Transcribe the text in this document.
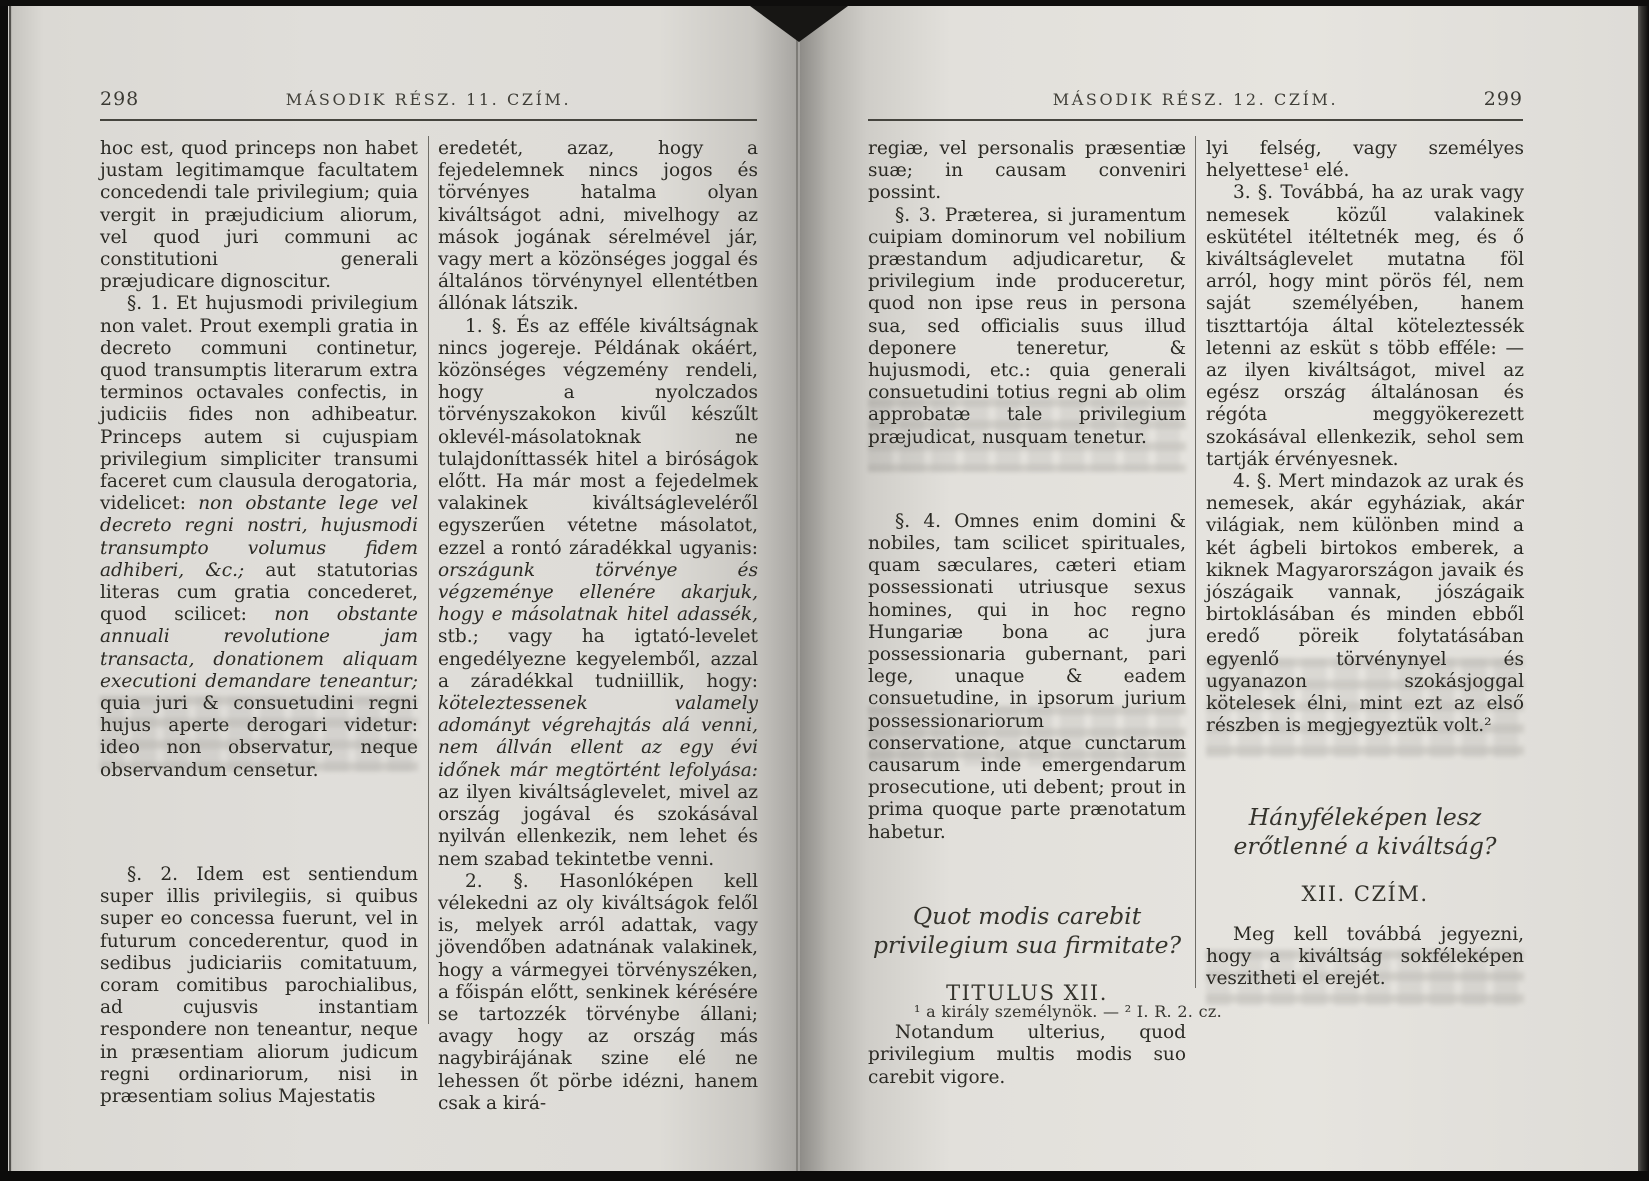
298	MÁSODIK RÉSZ. 11. CZÍM.

hoc est, quod princeps non habet justam legitimamque facultatem concedendi tale privilegium; quia vergit in præjudicium aliorum, vel quod juri communi ac constitutioni generali præjudicare dignoscitur.

§. 1. Et hujusmodi privilegium non valet. Prout exempli gratia in decreto communi continetur, quod transumptis literarum extra terminos octavales confectis, in judiciis fides non adhibeatur. Princeps autem si cujuspiam privilegium simpliciter transumi faceret cum clausula derogatoria, videlicet: non obstante lege vel decreto regni nostri, hujusmodi transumpto volumus fidem adhiberi, &c.; aut statutorias literas cum gratia concederet, quod scilicet: non obstante annuali revolutione jam transacta, donationem aliquam executioni demandare teneantur; quia juri & consuetudini regni hujus aperte derogari videtur: ideo non observatur, neque observandum censetur.

§. 2. Idem est sentiendum super illis privilegiis, si quibus super eo concessa fuerunt, vel in futurum concederentur, quod in sedibus judiciariis comitatuum, coram comitibus parochialibus, ad cujusvis instantiam respondere non teneantur, neque in præsentiam aliorum judicum regni ordinariorum, nisi in præsentiam solius Majestatis

eredetét, azaz, hogy a fejedelemnek nincs jogos és törvényes hatalma olyan kiváltságot adni, mivelhogy az mások jogának sérelmével jár, vagy mert a közönséges joggal és általános törvénynyel ellentétben állónak látszik.

1. §. És az efféle kiváltságnak nincs jogereje. Példának okáért, közönséges végzemény rendeli, hogy a nyolczados törvényszakokon kivűl készűlt oklevél-másolatoknak ne tulajdoníttassék hitel a biróságok előtt. Ha már most a fejedelmek valakinek kiváltságleveléről egyszerűen vétetne másolatot, ezzel a rontó záradékkal ugyanis: országunk törvénye és végzeménye ellenére akarjuk, hogy e másolatnak hitel adassék, stb.; vagy ha igtató-levelet engedélyezne kegyelemből, azzal a záradékkal tudniillik, hogy: köteleztessenek valamely adományt végrehajtás alá venni, nem állván ellent az egy évi időnek már megtörtént lefolyása: az ilyen kiváltságlevelet, mivel az ország jogával és szokásával nyilván ellenkezik, nem lehet és nem szabad tekintetbe venni.

2. §. Hasonlóképen kell vélekedni az oly kiváltságok felől is, melyek arról adattak, vagy jövendőben adatnának valakinek, hogy a vármegyei törvényszéken, a főispán előtt, senkinek kérésére se tartozzék törvénybe állani; avagy hogy az ország más nagybirájának szine elé ne lehessen őt pörbe idézni, hanem csak a kirá-

MÁSODIK RÉSZ. 12. CZÍM.	299

regiæ, vel personalis præsentiæ suæ; in causam conveniri possint.

§. 3. Præterea, si juramentum cuipiam dominorum vel nobilium præstandum adjudicaretur, & privilegium inde produceretur, quod non ipse reus in persona sua, sed officialis suus illud deponere teneretur, & hujusmodi, etc.: quia generali consuetudini totius regni ab olim approbatæ tale privilegium præjudicat, nusquam tenetur.

§. 4. Omnes enim domini & nobiles, tam scilicet spirituales, quam sæculares, cæteri etiam possessionati utriusque sexus homines, qui in hoc regno Hungariæ bona ac jura possessionaria gubernant, pari lege, unaque & eadem consuetudine, in ipsorum jurium possessionariorum conservatione, atque cunctarum causarum inde emergendarum prosecutione, uti debent; prout in prima quoque parte prænotatum habetur.

Quot modis carebit privilegium sua firmitate?

TITULUS XII.

Notandum ulterius, quod privilegium multis modis suo carebit vigore.

lyi felség, vagy személyes helyettese¹ elé.

3. §. Továbbá, ha az urak vagy nemesek közűl valakinek eskütétel itéltetnék meg, és ő kiváltságlevelet mutatna föl arról, hogy mint pörös fél, nem saját személyében, hanem tiszttartója által köteleztessék letenni az esküt s több efféle: — az ilyen kiváltságot, mivel az egész ország általánosan és régóta meggyökerezett szokásával ellenkezik, sehol sem tartják érvényesnek.

4. §. Mert mindazok az urak és nemesek, akár egyháziak, akár világiak, nem különben mind a két ágbeli birtokos emberek, a kiknek Magyarországon javaik és jószágaik vannak, jószágaik birtoklásában és minden ebből eredő pöreik folytatásában egyenlő törvénynyel és ugyanazon szokásjoggal kötelesek élni, mint ezt az első részben is megjegyeztük volt.²

Hányféleképen lesz erőtlenné a kiváltság?

XII. CZÍM.

Meg kell továbbá jegyezni, hogy a kiváltság sokféleképen veszitheti el erejét.

¹ a király személynök. — ² I. R. 2. cz.
